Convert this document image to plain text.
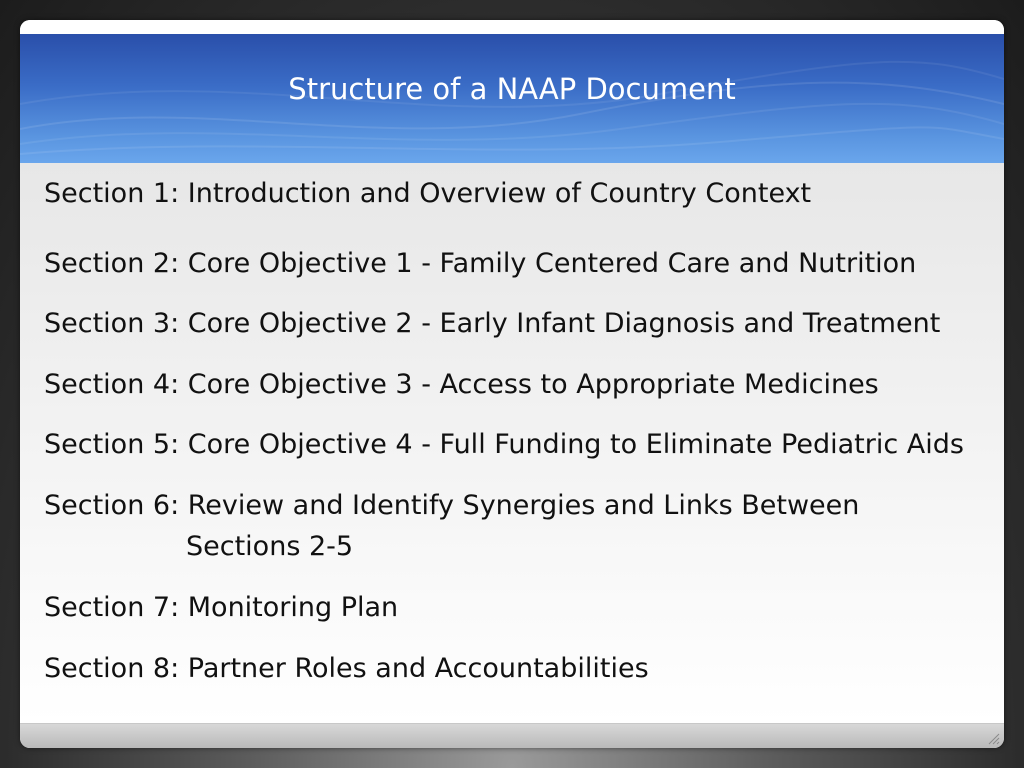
Structure of a NAAP Document
Section 1: Introduction and Overview of Country Context
Section 2: Core Objective 1 - Family Centered Care and Nutrition
Section 3: Core Objective 2 - Early Infant Diagnosis and Treatment
Section 4: Core Objective 3 - Access to Appropriate Medicines
Section 5: Core Objective 4 - Full Funding to Eliminate Pediatric Aids
Section 6: Review and Identify Synergies and Links Between
Sections 2-5
Section 7: Monitoring Plan
Section 8: Partner Roles and Accountabilities
